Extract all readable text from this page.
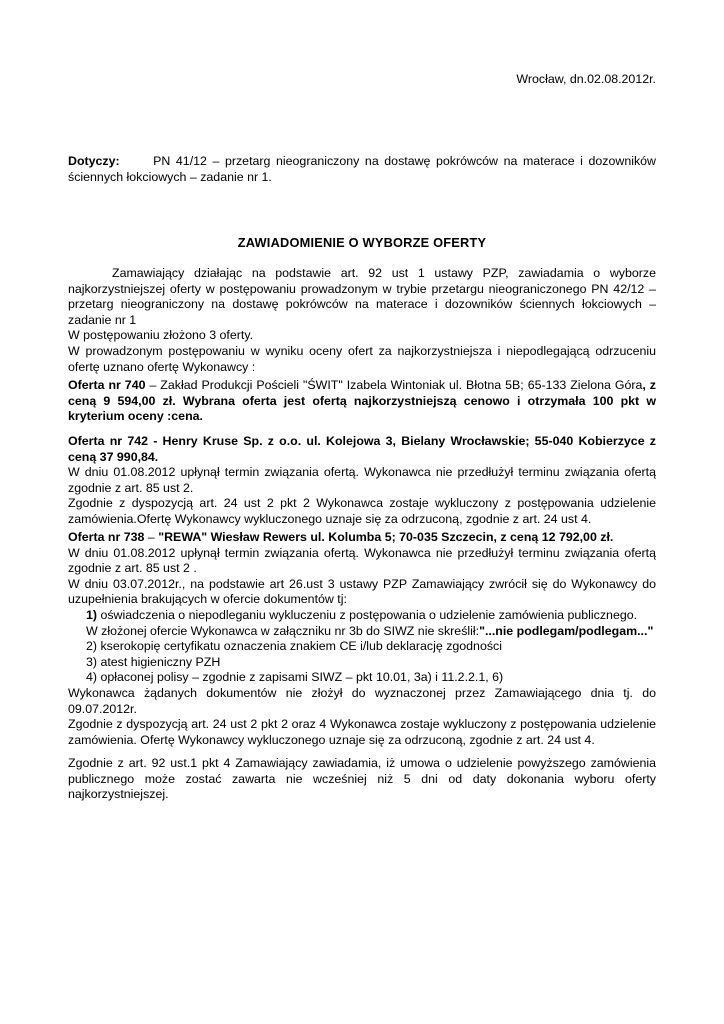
Wrocław, dn.02.08.2012r.
Dotyczy:	PN 41/12 – przetarg nieograniczony na dostawę pokrówców na materace i dozowników ściennych łokciowych – zadanie nr 1.
ZAWIADOMIENIE O WYBORZE OFERTY

Zamawiający działając na podstawie art. 92 ust 1 ustawy PZP, zawiadamia o wyborze najkorzystniejszej oferty w postępowaniu prowadzonym w trybie przetargu nieograniczonego PN 42/12 – przetarg nieograniczony na dostawę pokrówców na materace i dozowników ściennych łokciowych – zadanie nr 1

W postępowaniu złożono 3 oferty.

W prowadzonym postępowaniu w wyniku oceny ofert za najkorzystniejsza i niepodlegającą odrzuceniu ofertę uznano ofertę Wykonawcy :

Oferta nr 740 – Zakład Produkcji Pościeli "ŚWIT" Izabela Wintoniak ul. Błotna 5B; 65-133 Zielona Góra, z ceną 9 594,00 zł. Wybrana oferta jest ofertą najkorzystniejszą cenowo i otrzymała 100 pkt w kryterium oceny :cena.

Oferta nr 742 - Henry Kruse Sp. z o.o. ul. Kolejowa 3, Bielany Wrocławskie; 55-040 Kobierzyce z ceną 37 990,84.

W dniu 01.08.2012 upłynął termin związania ofertą. Wykonawca nie przedłużył terminu związania ofertą zgodnie z art. 85 ust 2.

Zgodnie z dyspozycją art. 24 ust 2 pkt 2 Wykonawca zostaje wykluczony z postępowania udzielenie zamówienia.Ofertę Wykonawcy wykluczonego uznaje się za odrzuconą, zgodnie z art. 24 ust 4.

Oferta nr 738 – "REWA" Wiesław Rewers ul. Kolumba 5; 70-035 Szczecin, z ceną 12 792,00 zł.

W dniu 01.08.2012 upłynął termin związania ofertą. Wykonawca nie przedłużył terminu związania ofertą zgodnie z art. 85 ust 2 .

W dniu 03.07.2012r., na podstawie art 26.ust 3 ustawy PZP Zamawiający zwrócił się do Wykonawcy do uzupełnienia brakujących w ofercie dokumentów tj:

1) oświadczenia o niepodleganiu wykluczeniu z postępowania o udzielenie zamówienia publicznego.

W złożonej ofercie Wykonawca w załączniku nr 3b do SIWZ nie skreślił:"...nie podlegam/podlegam..."

2) kserokopię certyfikatu oznaczenia znakiem CE i/lub deklarację zgodności

3) atest higieniczny PZH

4) opłaconej polisy – zgodnie z zapisami SIWZ – pkt 10.01, 3a) i 11.2.2.1, 6)

Wykonawca żądanych dokumentów nie złożył do wyznaczonej przez Zamawiającego dnia tj. do 09.07.2012r.

Zgodnie z dyspozycją art. 24 ust 2 pkt 2 oraz 4 Wykonawca zostaje wykluczony z postępowania udzielenie zamówienia. Ofertę Wykonawcy wykluczonego uznaje się za odrzuconą, zgodnie z art. 24 ust 4.

Zgodnie z art. 92 ust.1 pkt 4 Zamawiający zawiadamia, iż umowa o udzielenie powyższego zamówienia publicznego może zostać zawarta nie wcześniej niż 5 dni od daty dokonania wyboru oferty najkorzystniejszej.
